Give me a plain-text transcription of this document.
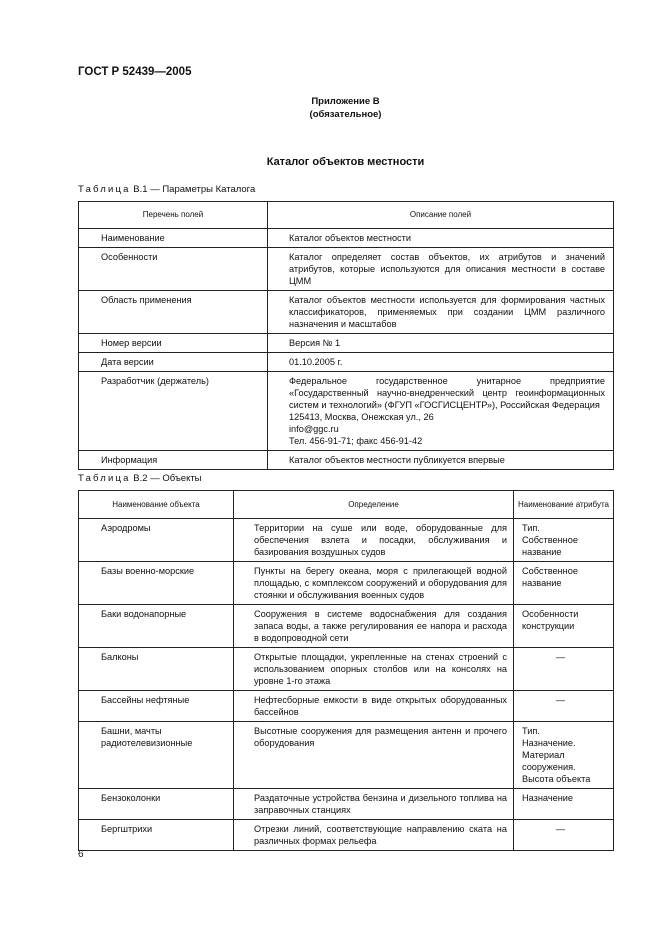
ГОСТ Р 52439—2005
Приложение В
(обязательное)
Каталог объектов местности
Таблица В.1 — Параметры Каталога
Перечень полей	Описание полей
Наименование	Каталог объектов местности
Особенности	Каталог определяет состав объектов, их атрибутов и значений атрибутов, которые используются для описания местности в составе ЦММ
Область применения	Каталог объектов местности используется для формирования частных классификаторов, применяемых при создании ЦММ различного назначения и масштабов
Номер версии	Версия № 1
Дата версии	01.10.2005 г.
Разработчик (держатель)	Федеральное государственное унитарное предприятие «Государственный научно-внедренческий центр геоинформационных систем и технологий» (ФГУП «ГОСГИСЦЕНТР»), Российская Федерация
125413, Москва, Онежская ул., 26
info@ggc.ru
Тел. 456-91-71; факс 456-91-42

Информация	Каталог объектов местности публикуется впервые
Таблица В.2 — Объекты
Наименование объекта	Определение	Наименование атрибута
Аэродромы	Территории на суше или воде, оборудованные для обеспечения взлета и посадки, обслуживания и базирования воздушных судов	Тип.
Собственное название

Базы военно-морские	Пункты на берегу океана, моря с прилегающей водной площадью, с комплексом сооружений и оборудования для стоянки и обслуживания военных судов	Собственное название

Баки водонапорные	Сооружения в системе водоснабжения для создания запаса воды, а также регулирования ее напора и расхода в водопроводной сети	Особенности конструкции

Балконы	Открытые площадки, укрепленные на стенах строений с использованием опорных столбов или на консолях на уровне 1-го этажа	—

Бассейны нефтяные	Нефтесборные емкости в виде открытых оборудованных бассейнов	—

Башни, мачты радиотелевизионные	Высотные сооружения для размещения антенн и прочего оборудования	Тип.
Назначение.
Материал сооружения.
Высота объекта

Бензоколонки	Раздаточные устройства бензина и дизельного топлива на заправочных станциях	Назначение

Бергштрихи	Отрезки линий, соответствующие направлению ската на различных формах рельефа	—
6
